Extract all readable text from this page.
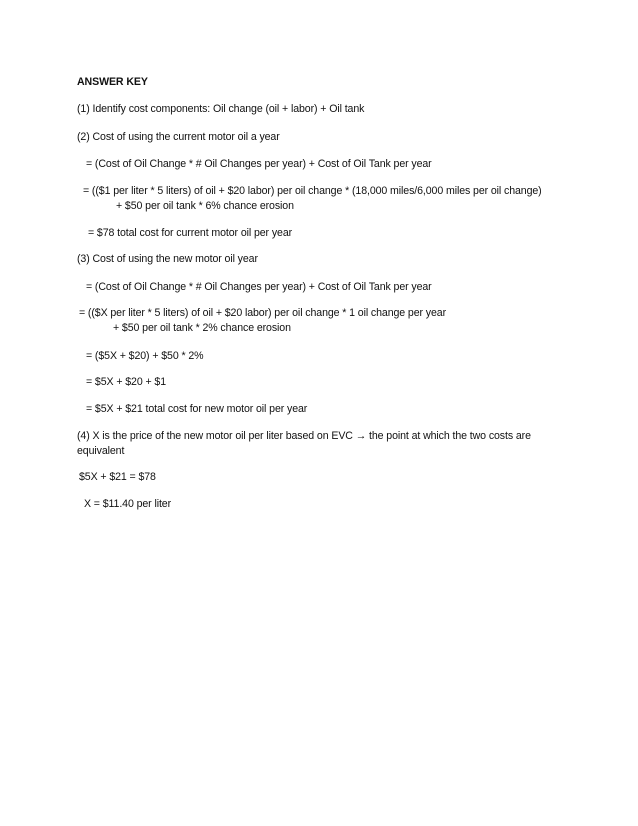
ANSWER KEY
(1) Identify cost components: Oil change (oil + labor) + Oil tank
(2) Cost of using the current motor oil a year
= (Cost of Oil Change * # Oil Changes per year) + Cost of Oil Tank per year
= (($1 per liter * 5 liters) of oil + $20 labor) per oil change * (18,000 miles/6,000 miles per oil change)
+ $50 per oil tank * 6% chance erosion
= $78 total cost for current motor oil per year
(3) Cost of using the new motor oil year
= (Cost of Oil Change * # Oil Changes per year) + Cost of Oil Tank per year
= (($X per liter * 5 liters) of oil + $20 labor) per oil change * 1 oil change per year
+ $50 per oil tank * 2% chance erosion
= ($5X + $20) + $50 * 2%
= $5X + $20 + $1
= $5X + $21 total cost for new motor oil per year
(4) X is the price of the new motor oil per liter based on EVC → the point at which the two costs are
equivalent
$5X + $21 = $78
X = $11.40 per liter
